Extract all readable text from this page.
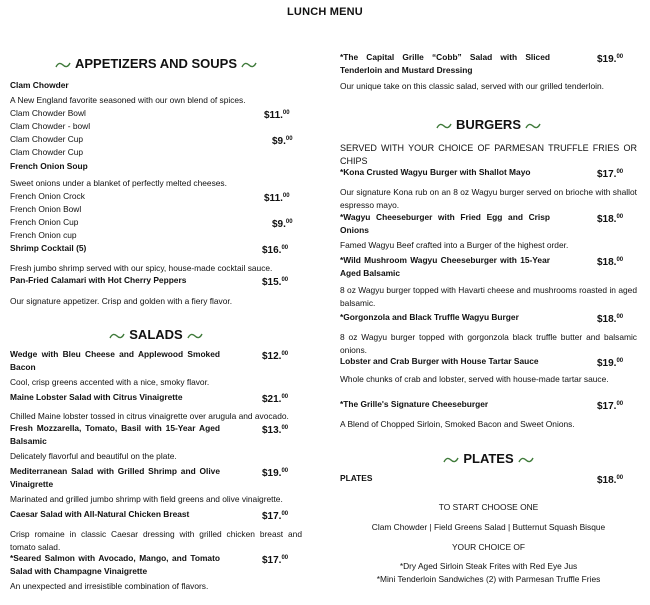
LUNCH MENU
APPETIZERS AND SOUPS
Clam Chowder
A New England favorite seasoned with our own blend of spices.
Clam Chowder Bowl	$11.00
Clam Chowder - bowl
Clam Chowder Cup	$9.00
Clam Chowder Cup
French Onion Soup
Sweet onions under a blanket of perfectly melted cheeses.
French Onion Crock	$11.00
French Onion Bowl
French Onion Cup	$9.00
French Onion cup
Shrimp Cocktail (5)	$16.00
Fresh jumbo shrimp served with our spicy, house-made cocktail sauce.
Pan-Fried Calamari with Hot Cherry Peppers	$15.00
Our signature appetizer. Crisp and golden with a fiery flavor.
SALADS
Wedge with Bleu Cheese and Applewood Smoked Bacon
$12.00
Cool, crisp greens accented with a nice, smoky flavor.
Maine Lobster Salad with Citrus Vinaigrette	$21.00
Chilled Maine lobster tossed in citrus vinaigrette over arugula and avocado.
Fresh Mozzarella, Tomato, Basil with 15-Year Aged Balsamic
$13.00
Delicately flavorful and beautiful on the plate.
Mediterranean Salad with Grilled Shrimp and Olive Vinaigrette
$19.00
Marinated and grilled jumbo shrimp with field greens and olive vinaigrette.
Caesar Salad with All-Natural Chicken Breast	$17.00
Crisp romaine in classic Caesar dressing with grilled chicken breast and tomato salad.
*Seared Salmon with Avocado, Mango, and Tomato Salad with Champagne Vinaigrette
$17.00
An unexpected and irresistible combination of flavors.
*The Capital Grille “Cobb” Salad with Sliced Tenderloin and Mustard Dressing
$19.00
Our unique take on this classic salad, served with our grilled tenderloin.
BURGERS
SERVED WITH YOUR CHOICE OF PARMESAN TRUFFLE FRIES OR CHIPS
*Kona Crusted Wagyu Burger with Shallot Mayo	$17.00
Our signature Kona rub on an 8 oz Wagyu burger served on brioche with shallot espresso mayo.
*Wagyu Cheeseburger with Fried Egg and Crisp Onions
$18.00
Famed Wagyu Beef crafted into a Burger of the highest order.
*Wild Mushroom Wagyu Cheeseburger with 15-Year Aged Balsamic
$18.00
8 oz Wagyu burger topped with Havarti cheese and mushrooms roasted in aged balsamic.
*Gorgonzola and Black Truffle Wagyu Burger	$18.00
8 oz Wagyu burger topped with gorgonzola black truffle butter and balsamic onions.
Lobster and Crab Burger with House Tartar Sauce	$19.00
Whole chunks of crab and lobster, served with house-made tartar sauce.
*The Grille's Signature Cheeseburger	$17.00
A Blend of Chopped Sirloin, Smoked Bacon and Sweet Onions.
PLATES
PLATES	$18.00
TO START CHOOSE ONE
Clam Chowder | Field Greens Salad | Butternut Squash Bisque
YOUR CHOICE OF
*Dry Aged Sirloin Steak Frites with Red Eye Jus
*Mini Tenderloin Sandwiches (2) with Parmesan Truffle Fries
